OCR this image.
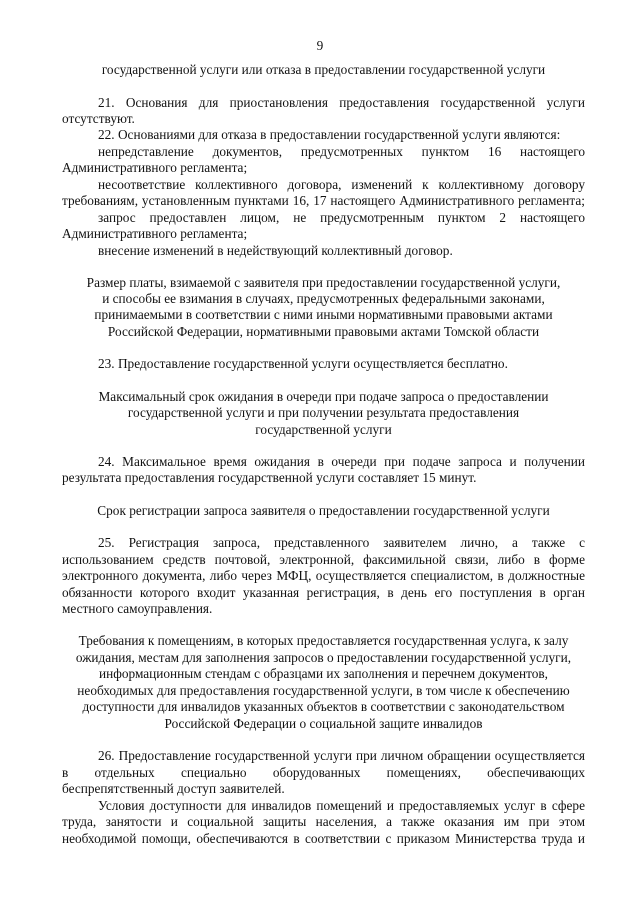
9

государственной услуги или отказа в предоставлении государственной услуги

21. Основания для приостановления предоставления государственной услуги

отсутствуют.

22. Основаниями для отказа в предоставлении государственной услуги являются:

непредставление документов, предусмотренных пунктом 16 настоящего

Административного регламента;

несоответствие коллективного договора, изменений к коллективному договору

требованиям, установленным пунктами 16, 17 настоящего Административного регламента;

запрос предоставлен лицом, не предусмотренным пунктом 2 настоящего

Административного регламента;

внесение изменений в недействующий коллективный договор.

Размер платы, взимаемой с заявителя при предоставлении государственной услуги,

и способы ее взимания в случаях, предусмотренных федеральными законами,

принимаемыми в соответствии с ними иными нормативными правовыми актами

Российской Федерации, нормативными правовыми актами Томской области

23. Предоставление государственной услуги осуществляется бесплатно.

Максимальный срок ожидания в очереди при подаче запроса о предоставлении

государственной услуги и при получении результата предоставления

государственной услуги

24. Максимальное время ожидания в очереди при подаче запроса и получении

результата предоставления государственной услуги составляет 15 минут.

Срок регистрации запроса заявителя о предоставлении государственной услуги

25. Регистрация запроса, представленного заявителем лично, а также с

использованием средств почтовой, электронной, факсимильной связи, либо в форме

электронного документа, либо через МФЦ, осуществляется специалистом, в должностные

обязанности которого входит указанная регистрация, в день его поступления в орган

местного самоуправления.

Требования к помещениям, в которых предоставляется государственная услуга, к залу

ожидания, местам для заполнения запросов о предоставлении государственной услуги,

информационным стендам с образцами их заполнения и перечнем документов,

необходимых для предоставления государственной услуги, в том числе к обеспечению

доступности для инвалидов указанных объектов в соответствии с законодательством

Российской Федерации о социальной защите инвалидов

26. Предоставление государственной услуги при личном обращении осуществляется

в отдельных специально оборудованных помещениях, обеспечивающих

беспрепятственный доступ заявителей.

Условия доступности для инвалидов помещений и предоставляемых услуг в сфере

труда, занятости и социальной защиты населения, а также оказания им при этом

необходимой помощи, обеспечиваются в соответствии с приказом Министерства труда и
